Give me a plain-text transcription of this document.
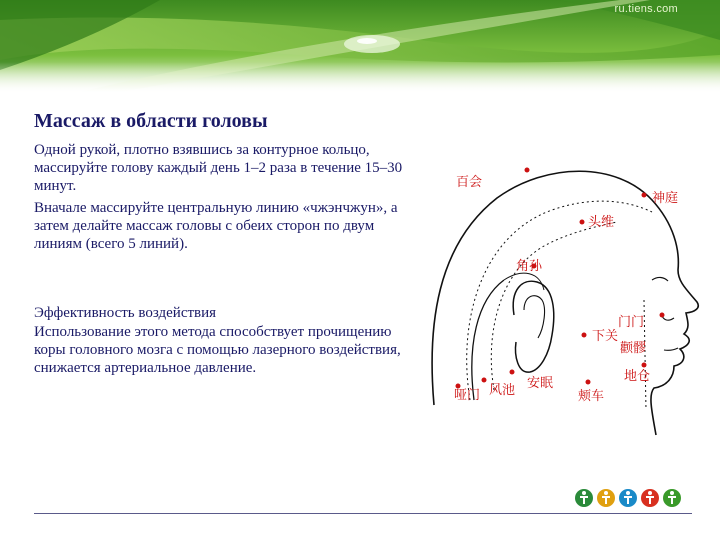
ru.tiens.com
Массаж в области головы

Одной рукой, плотно взявшись за контурное кольцо, массируйте голову каждый день 1–2 раза в течение 15–30 минут.

Вначале массируйте центральную линию «чжэнчжун», а затем делайте массаж головы с обеих сторон по двум линиям (всего 5 линий).

Эффективность воздействия

Использование этого метода способствует прочищению коры головного мозга с помощью лазерного воздействия, снижается артериальное давление.

百会
神庭
头维
角孙
门门
下关
颧髎
地仓
颊车
安眠
风池
哑门
